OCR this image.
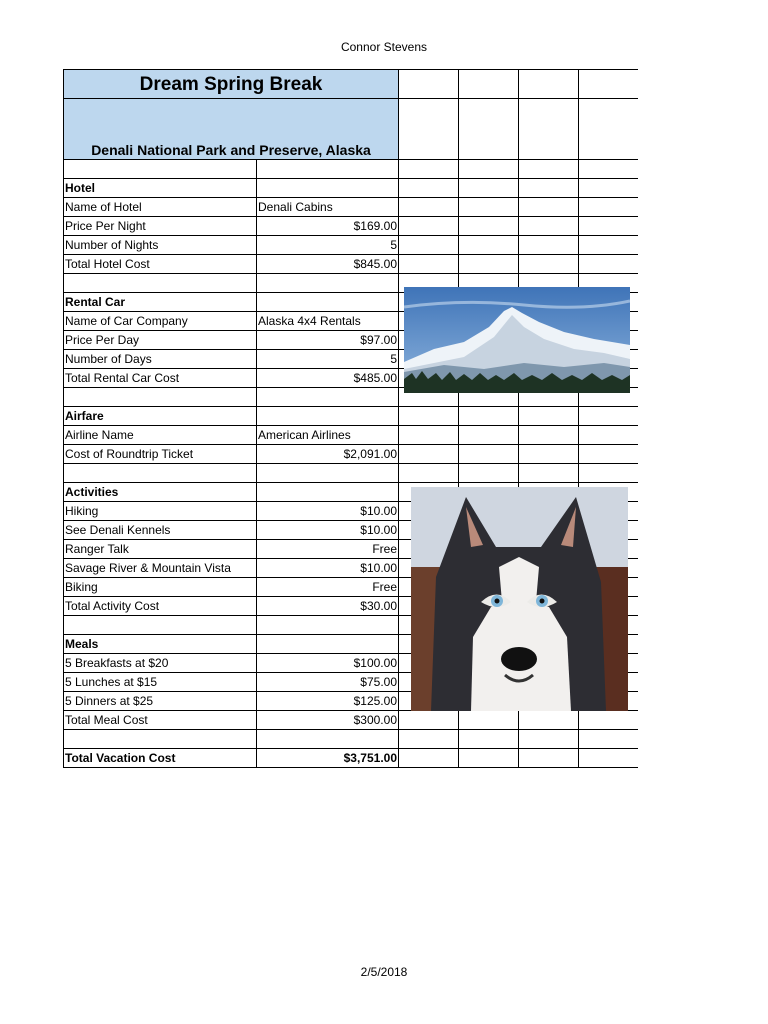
Connor Stevens
Dream Spring Break					
Denali National Park and Preserve, Alaska					

Hotel					
Name of Hotel	Denali Cabins				
Price Per Night	$169.00				
Number of Nights	5				
Total Hotel Cost	$845.00				

Rental Car					
Name of Car Company	Alaska 4x4 Rentals				
Price Per Day	$97.00				
Number of Days	5				
Total Rental Car Cost	$485.00				

Airfare					
Airline Name	American Airlines				
Cost of Roundtrip Ticket	$2,091.00				

Activities					
Hiking	$10.00				
See Denali Kennels	$10.00				
Ranger Talk	Free				
Savage River & Mountain Vista	$10.00				
Biking	Free				
Total Activity Cost	$30.00				

Meals					
5 Breakfasts at $20	$100.00				
5 Lunches at $15	$75.00				
5 Dinners at $25	$125.00				
Total Meal Cost	$300.00				

Total Vacation Cost	$3,751.00				
2/5/2018
